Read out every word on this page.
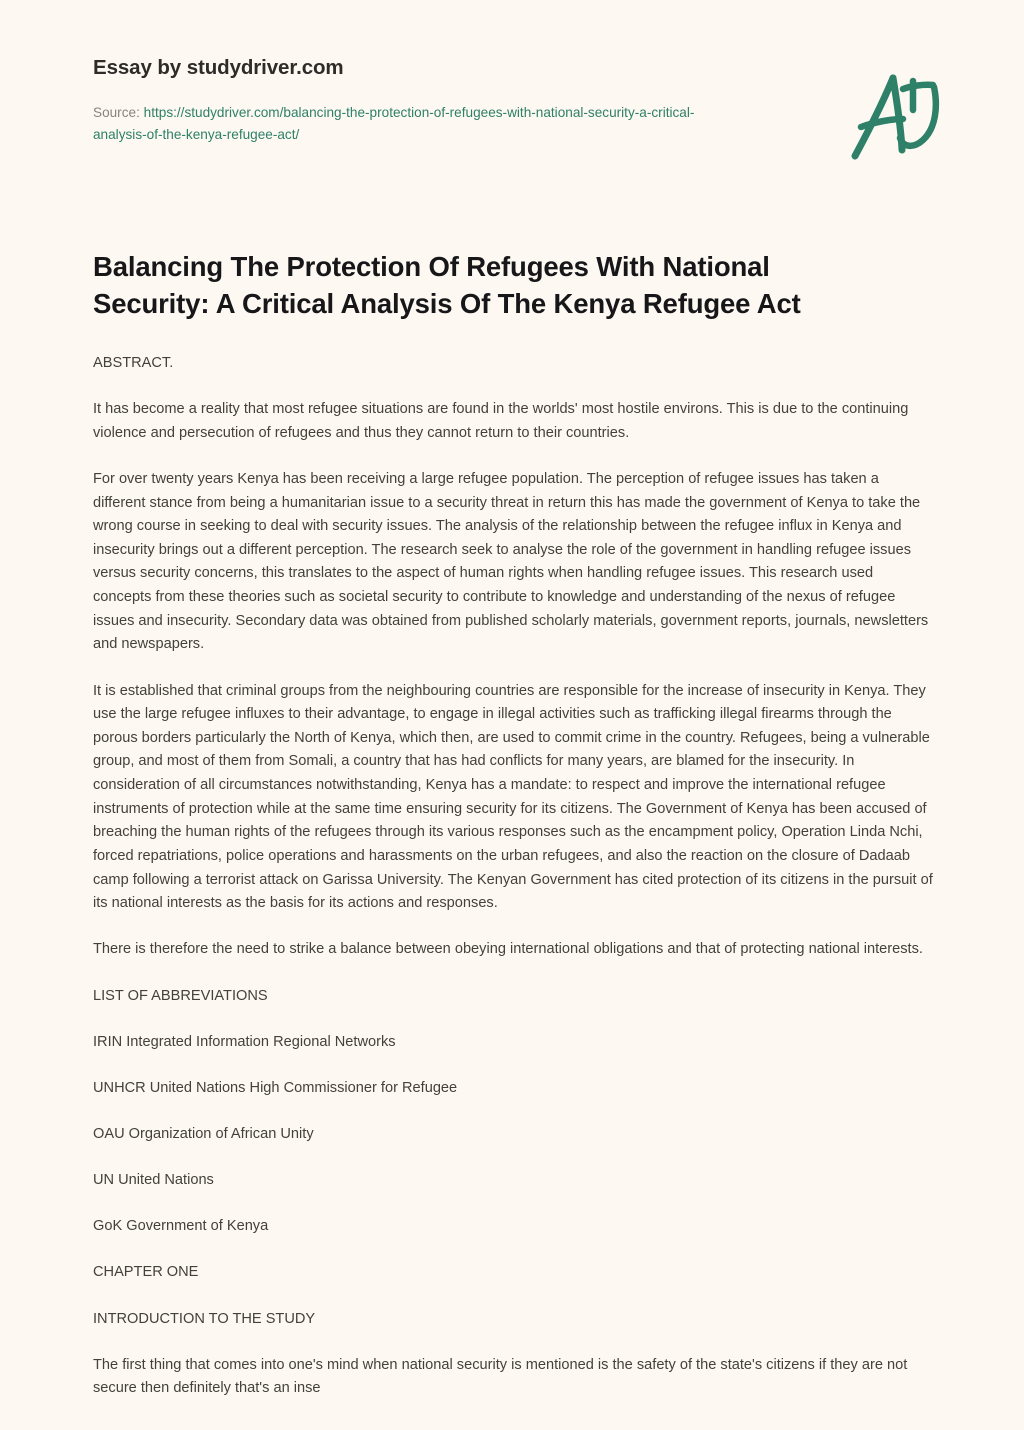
Essay by studydriver.com
Source: https://studydriver.com/balancing-the-protection-of-refugees-with-national-security-a-critical-analysis-of-the-kenya-refugee-act/
Balancing The Protection Of Refugees With National Security: A Critical Analysis Of The Kenya Refugee Act

ABSTRACT.

It has become a reality that most refugee situations are found in the worlds' most hostile environs. This is due to the continuing violence and persecution of refugees and thus they cannot return to their countries.

For over twenty years Kenya has been receiving a large refugee population. The perception of refugee issues has taken a different stance from being a humanitarian issue to a security threat in return this has made the government of Kenya to take the wrong course in seeking to deal with security issues. The analysis of the relationship between the refugee influx in Kenya and insecurity brings out a different perception. The research seek to analyse the role of the government in handling refugee issues versus security concerns, this translates to the aspect of human rights when handling refugee issues. This research used concepts from these theories such as societal security to contribute to knowledge and understanding of the nexus of refugee issues and insecurity. Secondary data was obtained from published scholarly materials, government reports, journals, newsletters and newspapers.

It is established that criminal groups from the neighbouring countries are responsible for the increase of insecurity in Kenya. They use the large refugee influxes to their advantage, to engage in illegal activities such as trafficking illegal firearms through the porous borders particularly the North of Kenya, which then, are used to commit crime in the country. Refugees, being a vulnerable group, and most of them from Somali, a country that has had conflicts for many years, are blamed for the insecurity. In consideration of all circumstances notwithstanding, Kenya has a mandate: to respect and improve the international refugee instruments of protection while at the same time ensuring security for its citizens. The Government of Kenya has been accused of breaching the human rights of the refugees through its various responses such as the encampment policy, Operation Linda Nchi, forced repatriations, police operations and harassments on the urban refugees, and also the reaction on the closure of Dadaab camp following a terrorist attack on Garissa University. The Kenyan Government has cited protection of its citizens in the pursuit of its national interests as the basis for its actions and responses.

There is therefore the need to strike a balance between obeying international obligations and that of protecting national interests.

LIST OF ABBREVIATIONS

IRIN Integrated Information Regional Networks

UNHCR United Nations High Commissioner for Refugee

OAU Organization of African Unity

UN United Nations

GoK Government of Kenya

CHAPTER ONE

INTRODUCTION TO THE STUDY

The first thing that comes into one's mind when national security is mentioned is the safety of the state's citizens if they are not secure then definitely that's an inse
